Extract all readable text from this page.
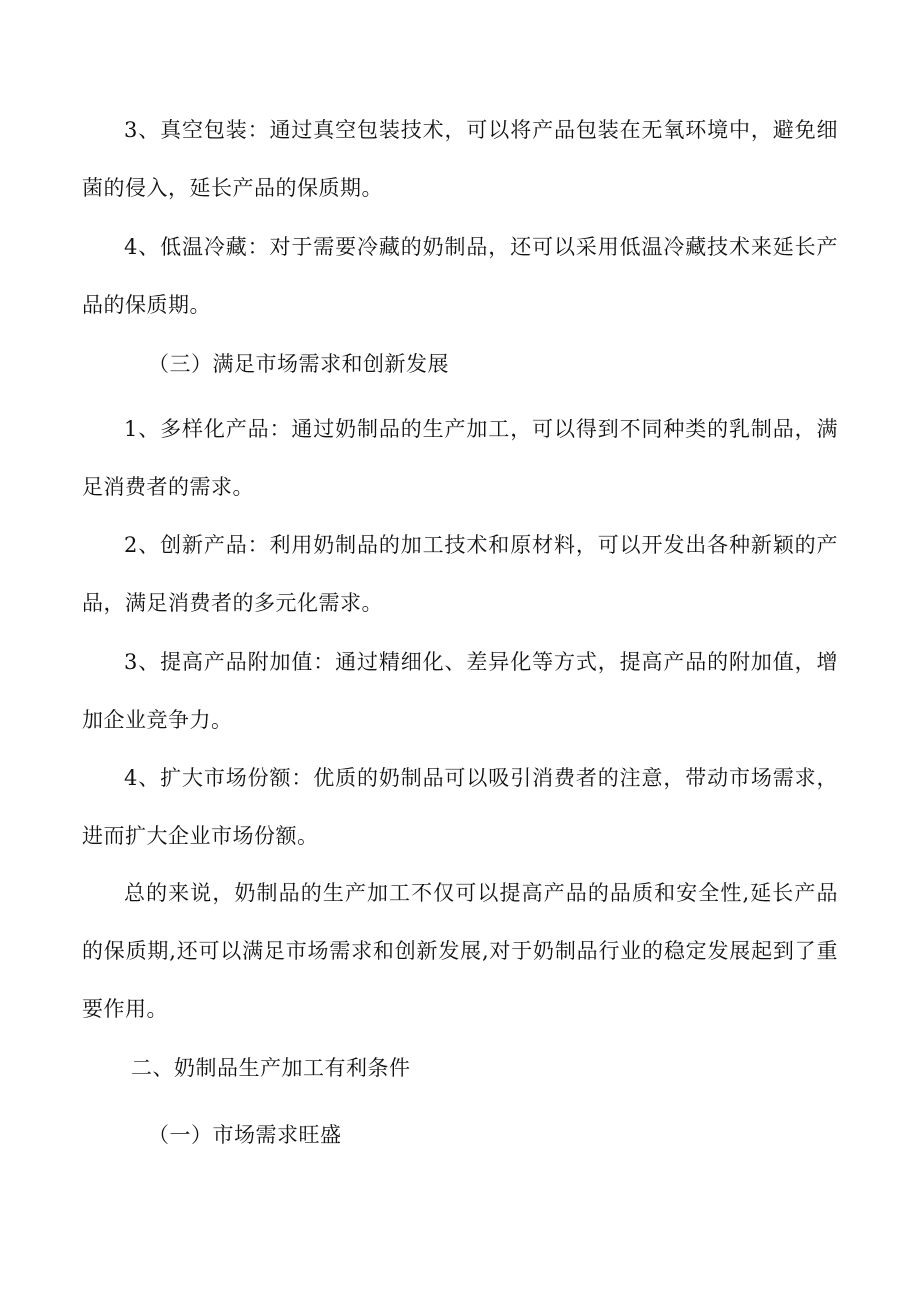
3、真空包装：通过真空包装技术，可以将产品包装在无氧环境中，避免细菌的侵入，延长产品的保质期。

4、低温冷藏：对于需要冷藏的奶制品，还可以采用低温冷藏技术来延长产品的保质期。

（三）满足市场需求和创新发展

1、多样化产品：通过奶制品的生产加工，可以得到不同种类的乳制品，满足消费者的需求。

2、创新产品：利用奶制品的加工技术和原材料，可以开发出各种新颖的产品，满足消费者的多元化需求。

3、提高产品附加值：通过精细化、差异化等方式，提高产品的附加值，增加企业竞争力。

4、扩大市场份额：优质的奶制品可以吸引消费者的注意，带动市场需求，进而扩大企业市场份额。

总的来说，奶制品的生产加工不仅可以提高产品的品质和安全性,延长产品的保质期,还可以满足市场需求和创新发展,对于奶制品行业的稳定发展起到了重要作用。

二、奶制品生产加工有利条件

（一）市场需求旺盛
